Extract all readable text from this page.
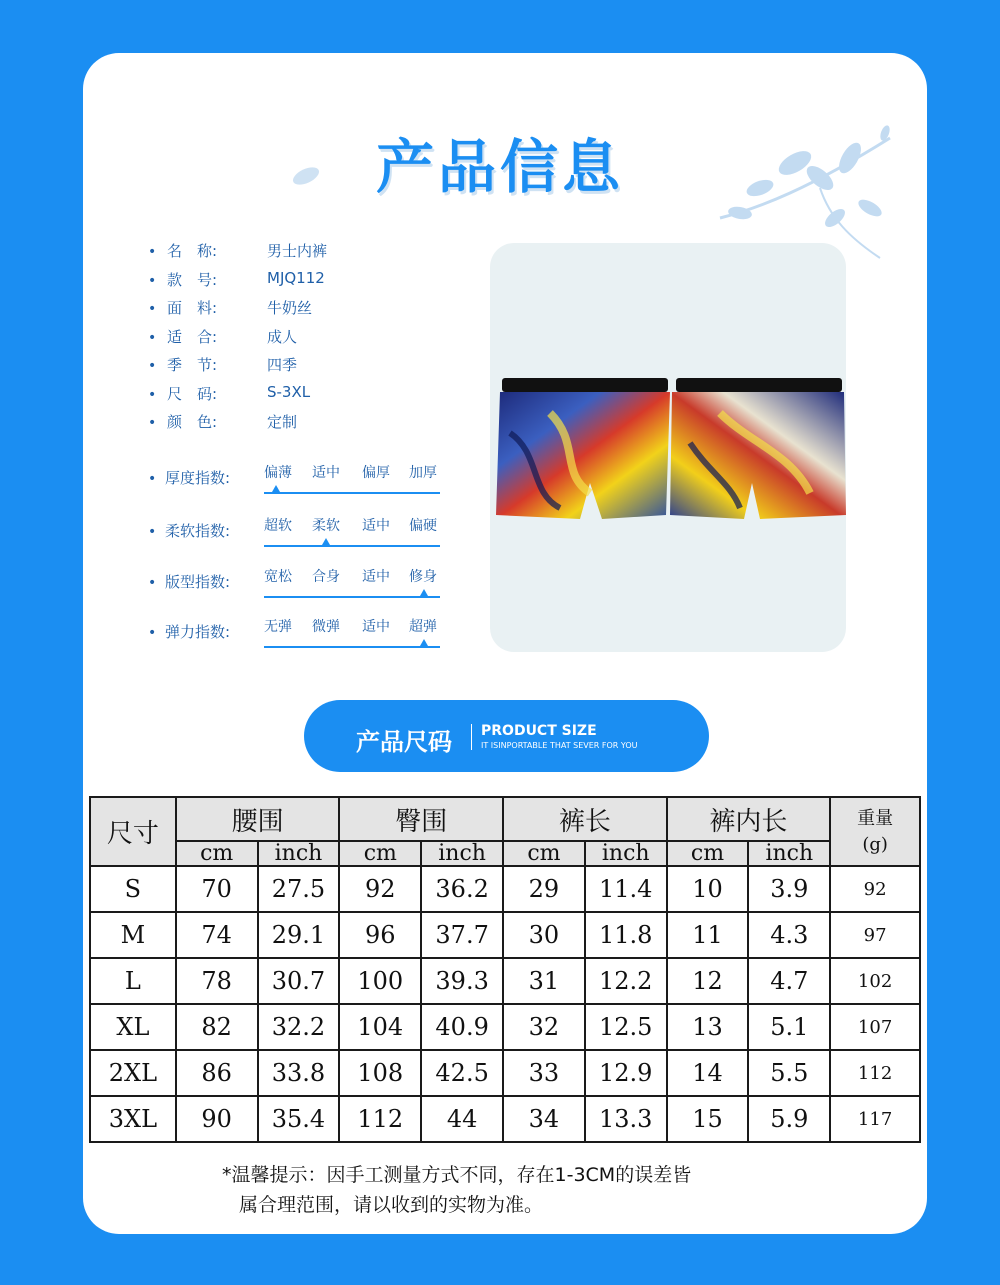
产品信息
• 名　称:	男士内裤
• 款　号:	MJQ112
• 面　料:	牛奶丝
• 适　合:	成人
• 季　节:	四季
• 尺　码:	S-3XL
• 颜　色:	定制
• 厚度指数: 偏薄 适中 偏厚 加厚
• 柔软指数: 超软 柔软 适中 偏硬
• 版型指数: 宽松 合身 适中 修身
• 弹力指数: 无弹 微弹 适中 超弹
产品尺码 PRODUCT SIZE
IT ISINPORTABLE THAT SEVER FOR YOU
尺寸	腰围		臀围		裤长		裤内长		重量
(g)

	cm	inch	cm	inch	cm	inch	cm	inch	
S	70	27.5	92	36.2	29	11.4	10	3.9	92
M	74	29.1	96	37.7	30	11.8	11	4.3	97
L	78	30.7	100	39.3	31	12.2	12	4.7	102
XL	82	32.2	104	40.9	32	12.5	13	5.1	107
2XL	86	33.8	108	42.5	33	12.9	14	5.5	112
3XL	90	35.4	112	44	34	13.3	15	5.9	117
*温馨提示：因手工测量方式不同，存在1-3CM的误差皆
属合理范围，请以收到的实物为准。
